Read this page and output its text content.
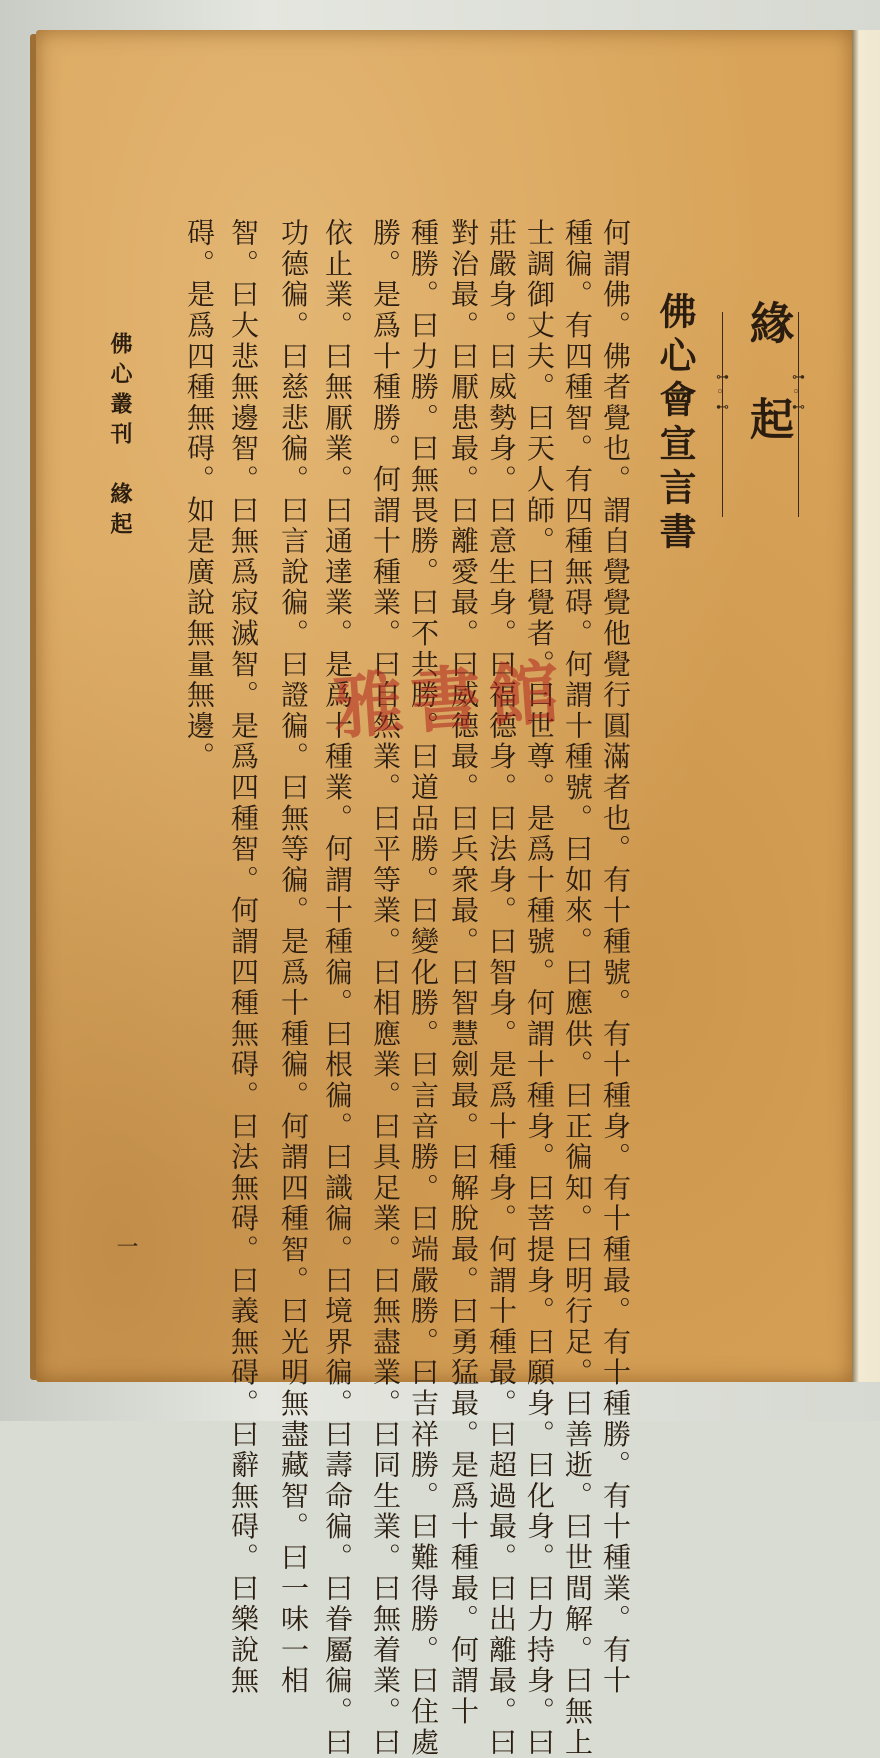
⊶
◦
⊷
⊶
◦
⊷
緣起
佛心會宣言書
何謂佛。佛者覺也。謂自覺覺他覺行圓滿者也。有十種號。有十種身。有十種最。有十種勝。有十種業。有十
種徧。有四種智。有四種無碍。何謂十種號。曰如來。曰應供。曰正徧知。曰明行足。曰善逝。曰世間解。曰無上
士調御丈夫。曰天人師。曰覺者。曰世尊。是爲十種號。何謂十種身。曰菩提身。曰願身。曰化身。曰力持身。曰
莊嚴身。曰威勢身。曰意生身。曰福德身。曰法身。曰智身。是爲十種身。何謂十種最。曰超過最。曰出離最。曰
對治最。曰厭患最。曰離愛最。曰威德最。曰兵衆最。曰智慧劍最。曰解脫最。曰勇猛最。是爲十種最。何謂十
種勝。曰力勝。曰無畏勝。曰不共勝。曰道品勝。曰變化勝。曰言音勝。曰端嚴勝。曰吉祥勝。曰難得勝。曰住處
勝。是爲十種勝。何謂十種業。曰自然業。曰平等業。曰相應業。曰具足業。曰無盡業。曰同生業。曰無着業。曰
依止業。曰無厭業。曰通達業。是爲十種業。何謂十種徧。曰根徧。曰識徧。曰境界徧。曰壽命徧。曰眷屬徧。曰
功德徧。曰慈悲徧。曰言說徧。曰證徧。曰無等徧。是爲十種徧。何謂四種智。曰光明無盡藏智。曰一味一相
智。曰大悲無邊智。曰無爲寂滅智。是爲四種智。何謂四種無碍。曰法無碍。曰義無碍。曰辭無碍。曰樂說無
碍。是爲四種無碍。如是廣說無量無邊。
佛心叢刊　緣起
一
雅書館
